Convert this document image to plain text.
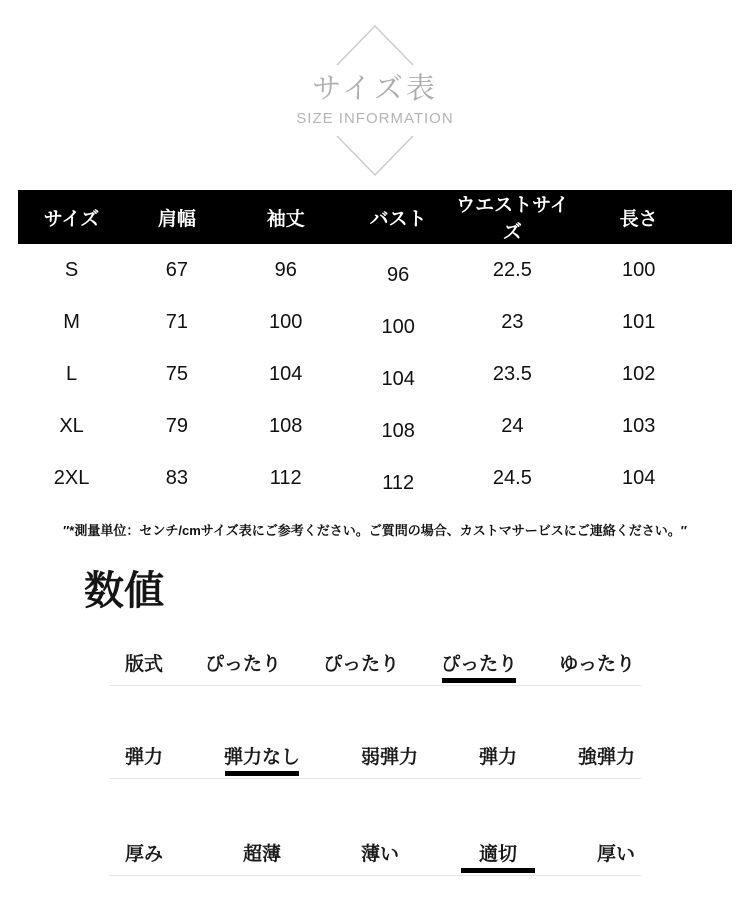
サイズ表
SIZE INFORMATION
サイズ	肩幅	袖丈	バスト	ウエストサイズ	長さ
S	67	96	96	22.5	100
M	71	100	100	23	101
L	75	104	104	23.5	102
XL	79	108	108	24	103
2XL	83	112	112	24.5	104

″*測量単位：センチ/cmサイズ表にご参考ください。ご質問の場合、カストマサービスにご連絡ください。″

数値
版式 ぴったり ぴったり ぴったり ゆったり
弾力	弾力なし	弱弾力	弾力	強弾力
厚み	超薄	薄い	適切	厚い
